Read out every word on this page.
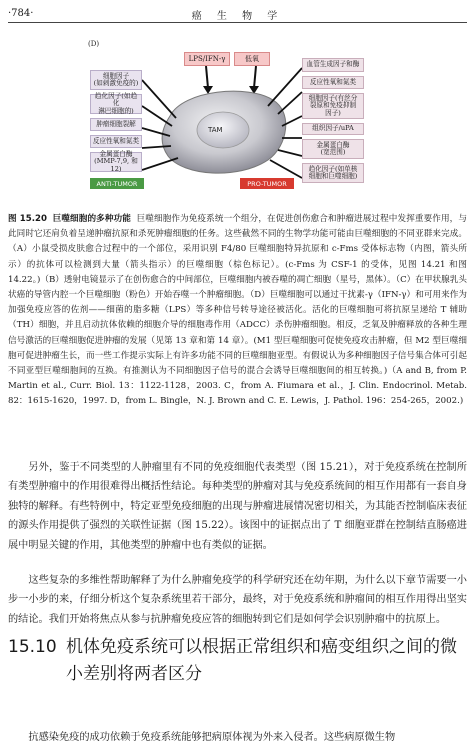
·784·	癌 生 物 学
(D)
LPS/IFN-γ	低氧
TAM
细胞因子
(如刺激免疫的)
趋化因子(如趋化
淋巴细胞的)
肿瘤细胞裂解
反应性氧和氮类
金属蛋白酶
(MMP-7,9, 和12)
ANTI-TUMOR
血管生成因子和酶
反应性氧和氮类
细胞因子(有丝分
裂原和免疫抑制
因子)
组织因子/uPA
金属蛋白酶
(宽范围)
趋化因子(如单核
细胞和巨噬细胞)
PRO-TUMOR
图 15.20 巨噬细胞的多种功能 巨噬细胞作为免疫系统一个组分，在促进创伤愈合和肿瘤进展过程中发挥重要作用，与此同时它还肩负着呈递肿瘤抗原和杀死肿瘤细胞的任务。这些截然不同的生物学功能可能由巨噬细胞的不同亚群来完成。（A）小鼠受损皮肤愈合过程中的一个部位，采用识别 F4/80 巨噬细胞特异抗原和 c-Fms 受体标志物（内图，箭头所示）的抗体可以检测到大量（箭头指示）的巨噬细胞（棕色标记）。(c-Fms 为 CSF-1 的受体，见图 14.21 和图 14.22。)（B）透射电镜显示了在创伤愈合的中间部位，巨噬细胞内被吞噬的凋亡细胞（星号，黑体）。（C）在甲状腺乳头状癌的导管内腔一个巨噬细胞（粉色）开始吞噬一个肿瘤细胞。（D）巨噬细胞可以通过干扰素-γ（IFN-γ）和可用来作为加强免疫应答的佐剂——细菌的脂多糖（LPS）等多种信号转导途径被活化。活化的巨噬细胞可将抗原呈递给 T 辅助（TH）细胞，并且启动抗体依赖的细胞介导的细胞毒作用（ADCC）杀伤肿瘤细胞。相反，乏氧及肿瘤释放的各种生理信号激活的巨噬细胞促进肿瘤的发展（见第 13 章和第 14 章）。(M1 型巨噬细胞可促使免疫攻击肿瘤，但 M2 型巨噬细胞可促进肿瘤生长，而一些工作提示实际上有许多功能不同的巨噬细胞亚型。有假说认为多种细胞因子信号集合体可引起不同亚型巨噬细胞间的互换。有推测认为不同细胞因子信号的混合会诱导巨噬细胞间的相互转换。)（A and B, from P. Martin et al., Curr. Biol. 13：1122-1128，2003. C，from A. Fiumara et al.，J. Clin. Endocrinol. Metab. 82：1615-1620，1997. D，from L. Bingle，N. J. Brown and C. E. Lewis，J. Pathol. 196：254-265，2002.)

另外，鉴于不同类型的人肿瘤里有不同的免疫细胞代表类型（图 15.21），对于免疫系统在控制所有类型肿瘤中的作用很难得出概括性结论。每种类型的肿瘤对其与免疫系统间的相互作用都有一套自身独特的解释。有些特例中，特定亚型免疫细胞的出现与肿瘤进展情况密切相关，为其能否控制临床表征的源头作用提供了强烈的关联性证据（图 15.22）。该图中的证据点出了 T 细胞亚群在控制结直肠癌进展中明显关键的作用，其他类型的肿瘤中也有类似的证据。

这些复杂的多维性帮助解释了为什么肿瘤免疫学的科学研究还在幼年期，为什么以下章节需要一小步一小步的来，仔细分析这个复杂系统里若干部分，最终，对于免疫系统和肿瘤间的相互作用得出坚实的结论。我们开始将焦点从参与抗肿瘤免疫应答的细胞转到它们是如何学会识别肿瘤中的抗原上。

15.10 机体免疫系统可以根据正常组织和癌变组织之间的微小差别将两者区分
抗感染免疫的成功依赖于免疫系统能够把病原体视为外来入侵者。这些病原微生物
